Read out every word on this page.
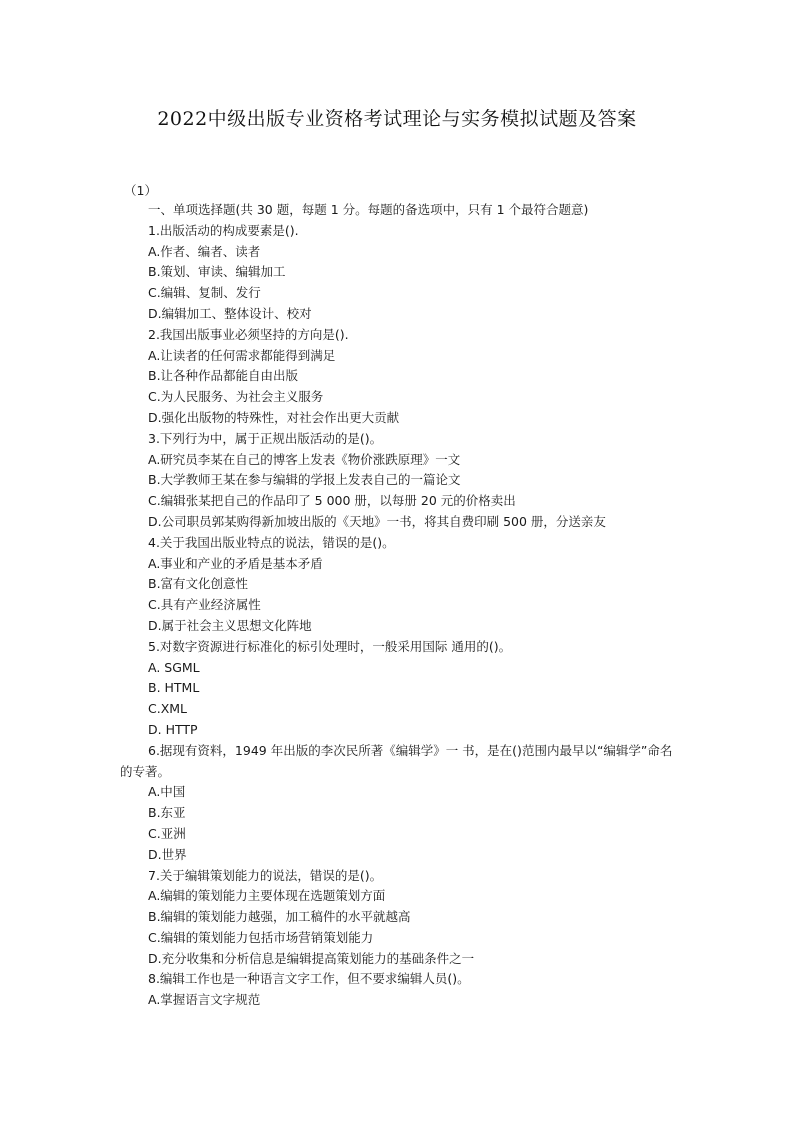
2022中级出版专业资格考试理论与实务模拟试题及答案
（1）
一、单项选择题(共 30 题，每题 1 分。每题的备选项中，只有 1 个最符合题意)
1.出版活动的构成要素是().
A.作者、编者、读者
B.策划、审读、编辑加工
C.编辑、复制、发行
D.编辑加工、整体设计、校对
2.我国出版事业必须坚持的方向是().
A.让读者的任何需求都能得到满足
B.让各种作品都能自由出版
C.为人民服务、为社会主义服务
D.强化出版物的特殊性，对社会作出更大贡献
3.下列行为中，属于正规出版活动的是()。
A.研究员李某在自己的博客上发表《物价涨跌原理》一文
B.大学教师王某在参与编辑的学报上发表自己的一篇论文
C.编辑张某把自己的作品印了 5 000 册，以每册 20 元的价格卖出
D.公司职员郭某购得新加坡出版的《天地》一书，将其自费印刷 500 册，分送亲友
4.关于我国出版业特点的说法，错误的是()。
A.事业和产业的矛盾是基本矛盾
B.富有文化创意性
C.具有产业经济属性
D.属于社会主义思想文化阵地
5.对数字资源进行标准化的标引处理时，一般采用国际 通用的()。
A. SGML
B. HTML
C.XML
D. HTTP
6.据现有资料，1949 年出版的李次民所著《编辑学》一 书，是在()范围内最早以“编辑学”命名的专著。
A.中国
B.东亚
C.亚洲
D.世界
7.关于编辑策划能力的说法，错误的是()。
A.编辑的策划能力主要体现在选题策划方面
B.编辑的策划能力越强，加工稿件的水平就越高
C.编辑的策划能力包括市场营销策划能力
D.充分收集和分析信息是编辑提高策划能力的基础条件之一
8.编辑工作也是一种语言文字工作，但不要求编辑人员()。
A.掌握语言文字规范
